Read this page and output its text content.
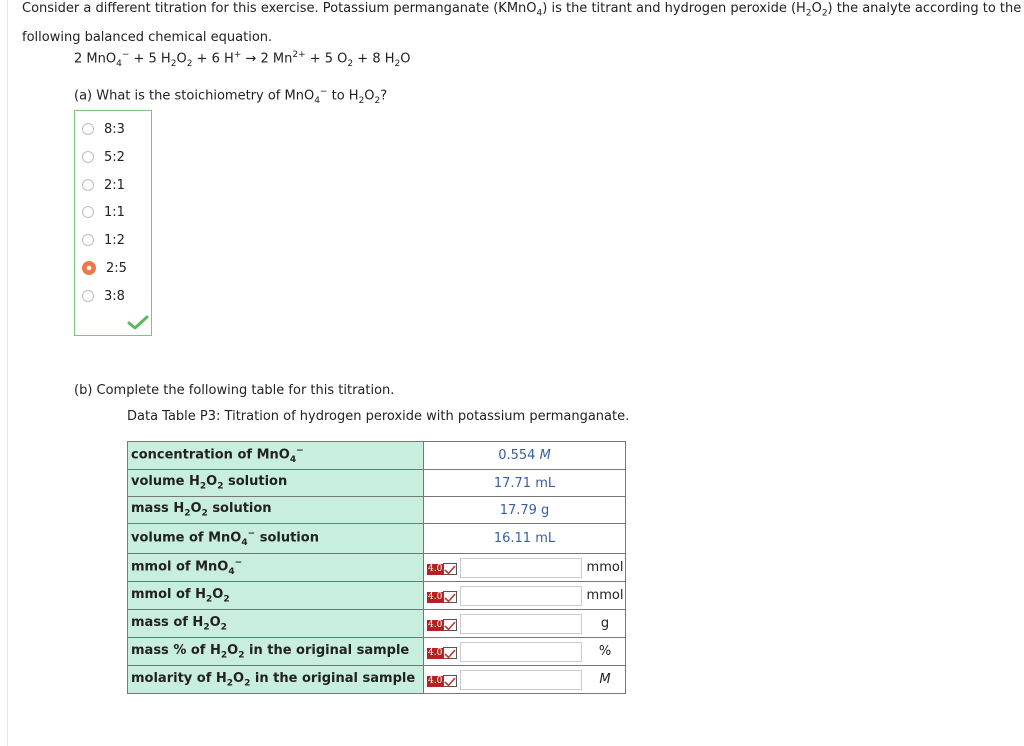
Consider a different titration for this exercise. Potassium permanganate (KMnO$_4$) is the titrant and hydrogen peroxide $(H_2O_2)$ the analyte according to the following balanced chemical equation.
2 MnO$_4$− + 5 $H_2O_2 + 6$ H+ → 2 $Mn^{2+} + 5$ $O_2 + 8$ $H_2O$
(a) What is the stoichiometry of MnO$_4$− to $H_2O_2$?
8:3
5:2
2:1
1:1
1:2
2:5
3:8
(b) Complete the following table for this titration.
Data Table P3: Titration of hydrogen peroxide with potassium permanganate.
concentration of MnO$_4$−	0.554 M		
volume $H_2O_2$ solution	17.71 mL		
mass $H_2O_2$ solution	17.79 g		
volume of MnO$_4$− solution	16.11 mL		
mmol of MnO$_4$−	4.0		mmol
mmol of $H_2O_2$	4.0		mmol
mass of $H_2O_2$	4.0		g
mass % of $H_2O_2$ in the original sample	4.0		%
molarity of $H_2O_2$ in the original sample	4.0		M
